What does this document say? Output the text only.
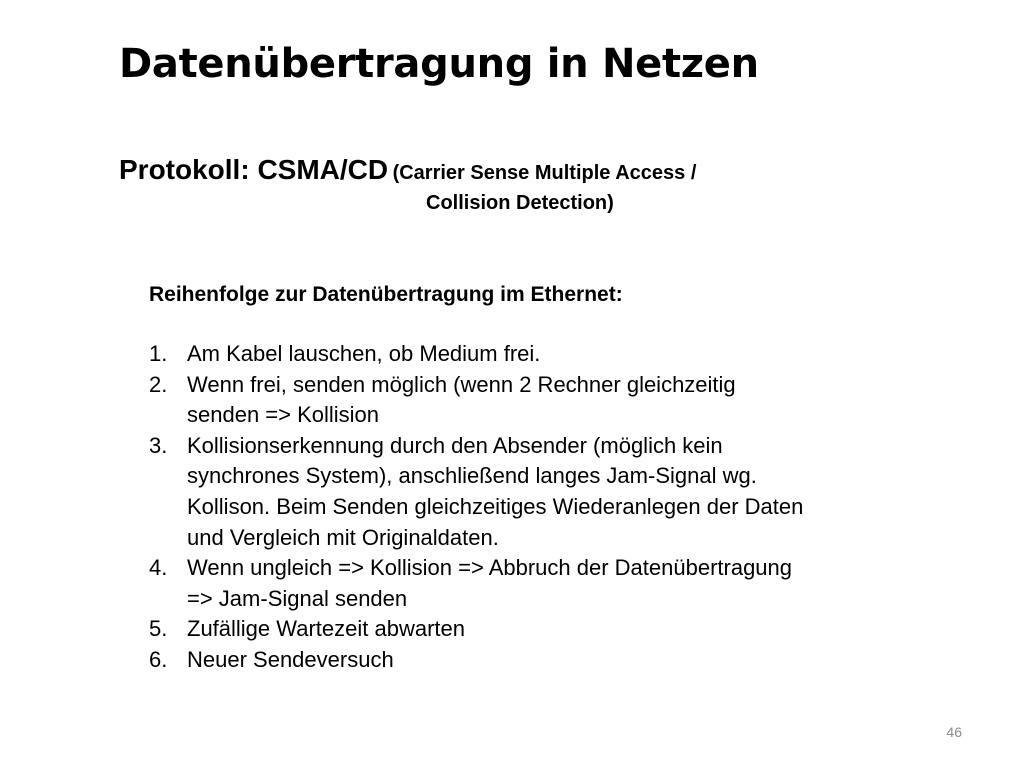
Datenübertragung in Netzen
Protokoll: CSMA/CD (Carrier Sense Multiple Access /
Collision Detection)
Reihenfolge zur Datenübertragung im Ethernet:
1. Am Kabel lauschen, ob Medium frei.
2. Wenn frei, senden möglich (wenn 2 Rechner gleichzeitig
senden => Kollision
3. Kollisionserkennung durch den Absender (möglich kein
synchrones System), anschließend langes Jam-Signal wg.
Kollison. Beim Senden gleichzeitiges Wiederanlegen der Daten
und Vergleich mit Originaldaten.
4. Wenn ungleich => Kollision => Abbruch der Datenübertragung
=> Jam-Signal senden
5. Zufällige Wartezeit abwarten
6. Neuer Sendeversuch
46
